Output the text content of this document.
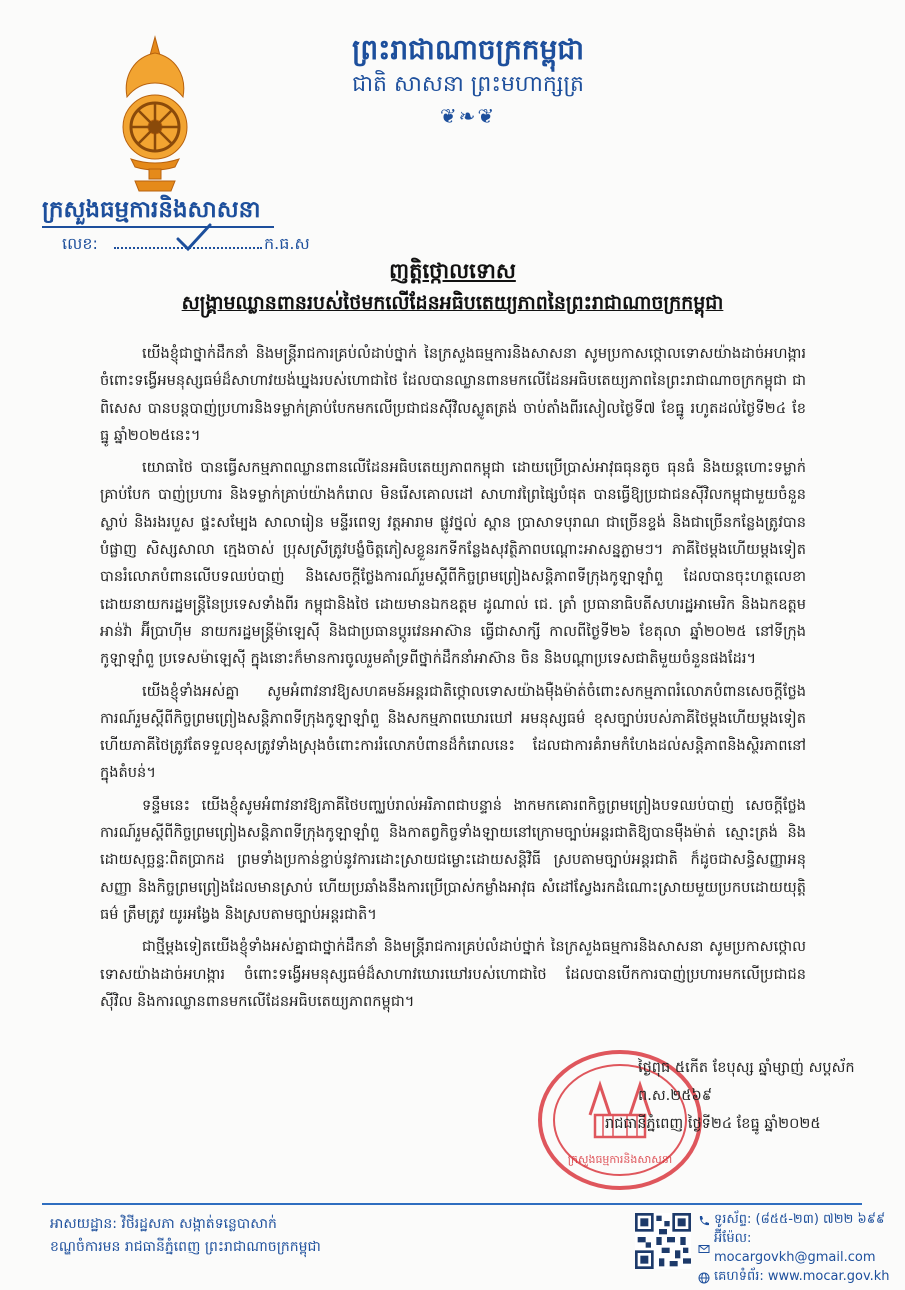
ព្រះរាជាណាចក្រកម្ពុជា
ជាតិ សាសនា ព្រះមហាក្សត្រ
❦❧❦
ក្រសួងធម្មការនិងសាសនា
លេខ:	ក.ធ.ស
ញត្តិថ្កោលទោស
សង្គ្រាមឈ្លានពានរបស់ថៃមកលើដែនអធិបតេយ្យភាពនៃព្រះរាជាណាចក្រកម្ពុជា

យើងខ្ញុំជាថ្នាក់ដឹកនាំ និងមន្ត្រីរាជការគ្រប់លំដាប់ថ្នាក់ នៃក្រសួងធម្មការនិងសាសនា សូមប្រកាសថ្កោលទោសយ៉ាងដាច់អហង្ការចំពោះទង្វើអមនុស្សធម៌ដ៏សាហាវយង់ឃ្នងរបស់ហោជាថៃ ដែលបានឈ្លានពានមកលើដែនអធិបតេយ្យភាពនៃព្រះរាជាណាចក្រកម្ពុជា ជាពិសេស បានបន្តបាញ់ប្រហារនិងទម្លាក់គ្រាប់បែកមកលើប្រជាជនស៊ីវិលស្លូតត្រង់ ចាប់តាំងពីរសៀលថ្ងៃទី៧ ខែធ្នូ រហូតដល់ថ្ងៃទី២៤ ខែធ្នូ ឆ្នាំ២០២៥នេះ។

យោធាថៃ បានធ្វើសកម្មភាពឈ្លានពានលើដែនអធិបតេយ្យភាពកម្ពុជា ដោយប្រើប្រាស់អាវុធធុនតូច ធុនធំ និងយន្តហោះទម្លាក់គ្រាប់បែក បាញ់ប្រហារ និងទម្លាក់គ្រាប់យ៉ាងកំរោល មិនរើសគោលដៅ សាហាវព្រៃផ្សៃបំផុត បានធ្វើឱ្យប្រជាជនស៊ីវិលកម្ពុជាមួយចំនួនស្លាប់ និងរងរបួស ផ្ទះសម្បែង សាលារៀន មន្ទីរពេទ្យ វត្តអារាម ផ្លូវថ្នល់ ស្ពាន ប្រាសាទបុរាណ ជាច្រើនខ្ទង់ និងជាច្រើនកន្លែងត្រូវបានបំផ្លាញ សិស្សសាលា ក្មេងចាស់ ប្រុសស្រីត្រូវបង្ខំចិត្តភៀសខ្លួនរកទីកន្លែងសុវត្ថិភាពបណ្ដោះអាសន្នភ្លាមៗ។ ភាគីថៃម្ដងហើយម្ដងទៀត បានរំលោភបំពានលើបទឈប់បាញ់ និងសេចក្ដីថ្លែងការណ៍រួមស្ដីពីកិច្ចព្រមព្រៀងសន្តិភាពទីក្រុងកូឡាឡាំពួ ដែលបានចុះហត្ថលេខាដោយនាយករដ្ឋមន្ត្រីនៃប្រទេសទាំងពីរ កម្ពុជានិងថៃ ដោយមានឯកឧត្តម ដូណាល់ ជេ. ត្រាំ ប្រធានាធិបតីសហរដ្ឋអាមេរិក និងឯកឧត្តម អាន់វ៉ា អ៊ីប្រាហ៊ីម នាយករដ្ឋមន្ត្រីម៉ាឡេស៊ី និងជាប្រធានប្ដូរវេនអាស៊ាន ធ្វើជាសាក្សី កាលពីថ្ងៃទី២៦ ខែតុលា ឆ្នាំ២០២៥ នៅទីក្រុងកូឡាឡាំពួ ប្រទេសម៉ាឡេស៊ី ក្នុងនោះក៏មានការចូលរួមគាំទ្រពីថ្នាក់ដឹកនាំអាស៊ាន ចិន និងបណ្ដាប្រទេសជាតិមួយចំនួនផងដែរ។

យើងខ្ញុំទាំងអស់គ្នា សូមអំពាវនាវឱ្យសហគមន៍អន្តរជាតិថ្កោលទោសយ៉ាងម៉ឺងម៉ាត់ចំពោះសកម្មភាពរំលោភបំពានសេចក្ដីថ្លែងការណ៍រួមស្ដីពីកិច្ចព្រមព្រៀងសន្តិភាពទីក្រុងកូឡាឡាំពួ និងសកម្មភាពឃោរឃៅ អមនុស្សធម៌ ខុសច្បាប់របស់ភាគីថៃម្ដងហើយម្ដងទៀត ហើយភាគីថៃត្រូវតែទទួលខុសត្រូវទាំងស្រុងចំពោះការរំលោភបំពានដ៏កំរោលនេះ ដែលជាការគំរាមកំហែងដល់សន្តិភាពនិងស្ថិរភាពនៅក្នុងតំបន់។

ទន្ទឹមនេះ យើងខ្ញុំសូមអំពាវនាវឱ្យភាគីថៃបញ្ឈប់រាល់អរិភាពជាបន្ទាន់ ងាកមកគោរពកិច្ចព្រមព្រៀងបទឈប់បាញ់ សេចក្ដីថ្លែងការណ៍រួមស្ដីពីកិច្ចព្រមព្រៀងសន្តិភាពទីក្រុងកូឡាឡាំពួ និងកាតព្វកិច្ចទាំងឡាយនៅក្រោមច្បាប់អន្តរជាតិឱ្យបានម៉ឺងម៉ាត់ ស្មោះត្រង់ និងដោយសុច្ឆន្ទៈពិតប្រាកដ ព្រមទាំងប្រកាន់ខ្ជាប់នូវការដោះស្រាយជម្លោះដោយសន្តិវិធី ស្របតាមច្បាប់អន្តរជាតិ ក៏ដូចជាសន្ធិសញ្ញាអនុសញ្ញា និងកិច្ចព្រមព្រៀងដែលមានស្រាប់ ហើយប្រឆាំងនឹងការប្រើប្រាស់កម្លាំងអាវុធ សំដៅស្វែងរកដំណោះស្រាយមួយប្រកបដោយយុត្តិធម៌ ត្រឹមត្រូវ យូរអង្វែង និងស្របតាមច្បាប់អន្តរជាតិ។

ជាថ្មីម្ដងទៀតយើងខ្ញុំទាំងអស់គ្នាជាថ្នាក់ដឹកនាំ និងមន្ត្រីរាជការគ្រប់លំដាប់ថ្នាក់ នៃក្រសួងធម្មការនិងសាសនា សូមប្រកាសថ្កោលទោសយ៉ាងដាច់អហង្ការ ចំពោះទង្វើអមនុស្សធម៌ដ៏សាហាវឃោរឃៅរបស់ហោជាថៃ ដែលបានបើកការបាញ់ប្រហារមកលើប្រជាជនស៊ីវិល និងការឈ្លានពានមកលើដែនអធិបតេយ្យភាពកម្ពុជា។

ក្រសួងធម្មការនិងសាសនា
ថ្ងៃពុធ ៥កើត ខែបុស្ស ឆ្នាំម្សាញ់ សប្តស័ក ព.ស.២៥៦៩
រាជធានីភ្នំពេញ ថ្ងៃទី២៤ ខែធ្នូ ឆ្នាំ២០២៥
អាសយដ្ឋាន: វិថីរដ្ឋសភា សង្កាត់ទន្លេបាសាក់
ខណ្ឌចំការមន រាជធានីភ្នំពេញ ព្រះរាជាណាចក្រកម្ពុជា
ទូរស័ព្ទ: (៨៥៥-២៣) ៧២២ ៦៩៩
អ៊ីម៉ែល: mocargovkh@gmail.com
គេហទំព័រ: www.mocar.gov.kh
